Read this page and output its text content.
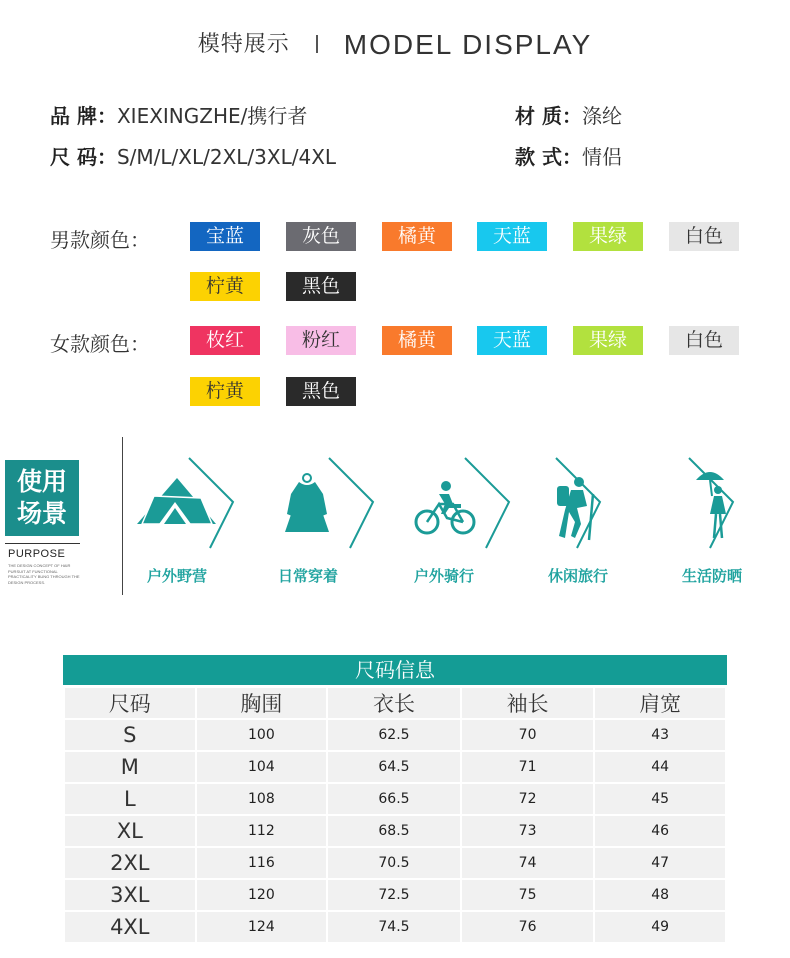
模特展示 MODEL DISPLAY
品 牌：XIEXINGZHE/携行者
尺 码：S/M/L/XL/2XL/3XL/4XL
材 质：涤纶
款 式：情侣
男款颜色：	宝蓝	灰色	橘黄	天蓝	果绿	白色
柠黄	黑色
女款颜色：	枚红	粉红	橘黄	天蓝	果绿	白色
柠黄	黑色
使用
场景
PURPOSE
THE DESIGN CONCEPT OF HAIR PURSUIT AT FUNCTIONAL PRACTICALITY BUNG THROUGH THE DESIGN PROCESS.	户外野营	日常穿着	户外骑行	休闲旅行	生活防晒
尺码信息
尺码	胸围	衣长	袖长	肩宽
S	100	62.5	70	43
M	104	64.5	71	44
L	108	66.5	72	45
XL	112	68.5	73	46
2XL	116	70.5	74	47
3XL	120	72.5	75	48
4XL	124	74.5	76	49
